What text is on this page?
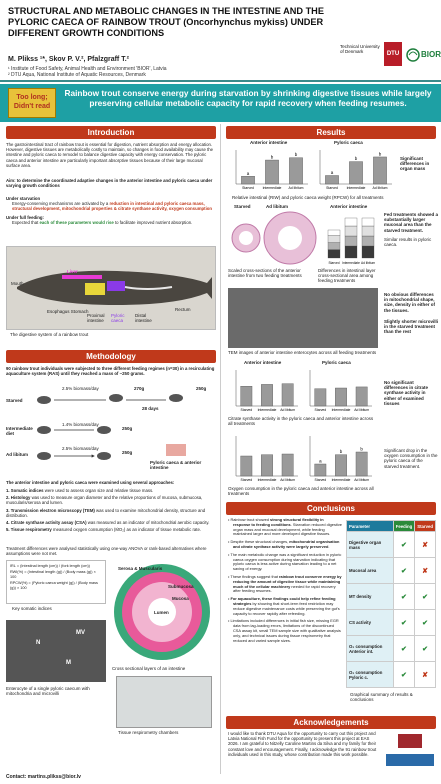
STRUCTURAL AND METABOLIC CHANGES IN THE INTESTINE AND THE PYLORIC CAECA OF RAINBOW TROUT (Oncorhynchus mykiss) UNDER DIFFERENT GROWTH CONDITIONS
M. Plikss ¹*, Skov P. V.², Pfalzgraff T.²
¹ Institute of Food Safety, Animal Health and Environment 'BIOR', Latvia
² DTU Aqua, National Institute of Aquatic Resources, Denmark
Technical University of Denmark	DTU	BIOR
Too long; Didn't read
Rainbow trout conserve energy during starvation by shrinking digestive tissues while largely preserving cellular metabolic capacity for rapid recovery when feeding resumes.
Introduction
The gastrointestinal tract of rainbow trout is essential for digestion, nutrient absorption and energy allocation. However, digestive tissues are metabolically costly to maintain, so changes in food availability may cause the intestine and pyloric caeca to remodel to balance digestive capacity with energy conservation. The pyloric caeca and anterior intestine are particularly important absorptive tissues because of their large mucosal surface area.
Aim: to determine the coordinated adaptive changes in the anterior intestine and pyloric caeca under varying growth conditions
Under starvation
Energy-conserving mechanisms are activated by a reduction in intestinal and pyloric caeca mass, structural development, mitochondrial properties & citrate synthase activity, oxygen consumption
Under full feeding:
Expected that each of these parameters would rise to facilitate improved nutrient absorption.
Liver
Mouth
Esophagus Stomach
Proximal intestine
Pyloric caeca
Distal intestine
Rectum
The digestive system of a rainbow trout
Methodology
90 rainbow trout individuals were subjected to three different feeding regimes (n=30) in a recirculating aquaculture system (RAS) until they reached a mass of ~250 grams.
Starved
2.5% biomass/day	270g
28 days
250g
Intermediate diet
1.4% biomass/day
250g
Ad libitum
2.5% biomass/day
250g
Pyloric caeca & anterior intestine
The anterior intestine and pyloric caeca were examined using several approaches:
1. Somatic indices were used to assess organ size and relative tissue mass.
2. Histology was used to measure organ diameter and the relative proportions of mucosa, submucosa, muscularis/serosa and lumen.
3. Transmission electron microscopy (TEM) was used to examine mitochondrial density, structure and distribution.
4. Citrate synthase activity assay (CSA) was measured as an indicator of mitochondrial aerobic capacity.
5. Tissue respirometry measured oxygen consumption (ṀO₂) as an indicator of tissue metabolic rate.
Treatment differences were analysed statistically using one-way ANOVA or rank-based alternatives where assumptions were not met.
IRL = (Intestinal length (cm)) / (fork length (cm))
RWI(%) = (Intestinal length (g)) / (Body mass (g)) × 100
RPCW(%) = (Pyloric caeca weight (g)) / (Body mass (g)) × 100
Key somatic indices
Serosa & Muscularis
Submucosa
Mucosa
Lumen
Cross sectional layers of an intestine
N
MV
M
Enterocyte of a single pyloric caecum with mitochondria and microvilli
Tissue respirometry chambers
Results
Anterior intestine	Pyloric caeca
a
Starved
b
Intermediate
b
Ad libitum
a
Starved
b
Intermediate
b
Ad libitum
Relative intestinal (RIW) and pyloric caeca weight (RPCW) for all treatments
Significant differences in organ mass
Starved	Ad libitum	Anterior intestine
Starved Intermediate Ad libitum
Scaled cross-sections of the anterior intestine from two feeding treatments
Differences in intestinal layer cross-sectional area among feeding treatments
Fed treatments showed a substantially larger mucosal area than the starved treatment.
Similar results in pyloric caeca.
TEM images of anterior intestine enterocytes across all feeding treatments
No obvious differences in mitochondrial shape, size, density in either of the tissues.
Slightly shorter microvilli in the starved treatment than the rest
Anterior intestine	Pyloric caeca
Starved Intermediate Ad libitum	Starved Intermediate Ad libitum
Citrate synthase activity in the pyloric caeca and anterior intestine across all treatments
No significant differences in citrate synthase activity in either of examined tissues
Starved Intermediate Ad libitum
a
Starved
b
Intermediate
b
Ad libitum
Oxygen consumption in the pyloric caeca and anterior intestine across all treatments
Significant drop in the oxygen consumption in the pyloric caeca of the starved treatment.
Conclusions
• Rainbow trout showed strong structural flexibility in response to feeding conditions. Starvation reduced digestive organ mass and mucosal development, while feeding maintained larger and more developed digestive tissues.
• Despite these structural changes, mitochondrial organisation and citrate synthase activity were largely preserved.
• The main metabolic change was a significant reduction in pyloric caeca oxygen consumption during starvation indicating that pyloric caeca is less active during starvation leading to a net saving of energy.
• These findings suggest that rainbow trout conserve energy by reducing the amount of digestive tissue while maintaining much of the cellular machinery needed for rapid recovery after feeding resumes.
• For aquaculture, these findings could help refine feeding strategies by showing that short-term feed restriction may reduce digestive maintenance costs while preserving the gut's capacity to recover rapidly after refeeding.
• Limitations included differences in initial fish size, missing EGR data from lag-loading errors, limitations of the discontinued CSA assay kit, small TEM sample size with qualitative analysis only, and technical issues during tissue respirometry that reduced and varied sample sizes.
Parameter	Feeding	Starved
Digestive organ mass	✔	✘
Mucosal area	✔	✘
MT density	✔	✔
CS activity	✔	✔
O₂ consumption Anterior int.	✔	✔
O₂ consumption Pyloric c.	✔	✘
Graphical summary of results & conclusions
Acknowledgements
I would like to thank DTU Aqua for the opportunity to carry out this project and Latvia National Fish Fund for the opportunity to present this project at EAS 2026. I am grateful to Nitzelly Caroline Martins da Silva and my family for their constant love and encouragement. Finally, I acknowledge the 91 rainbow trout individuals used in this study, whose contribution made this work possible.
Contact: martins.plikss@bior.lv
